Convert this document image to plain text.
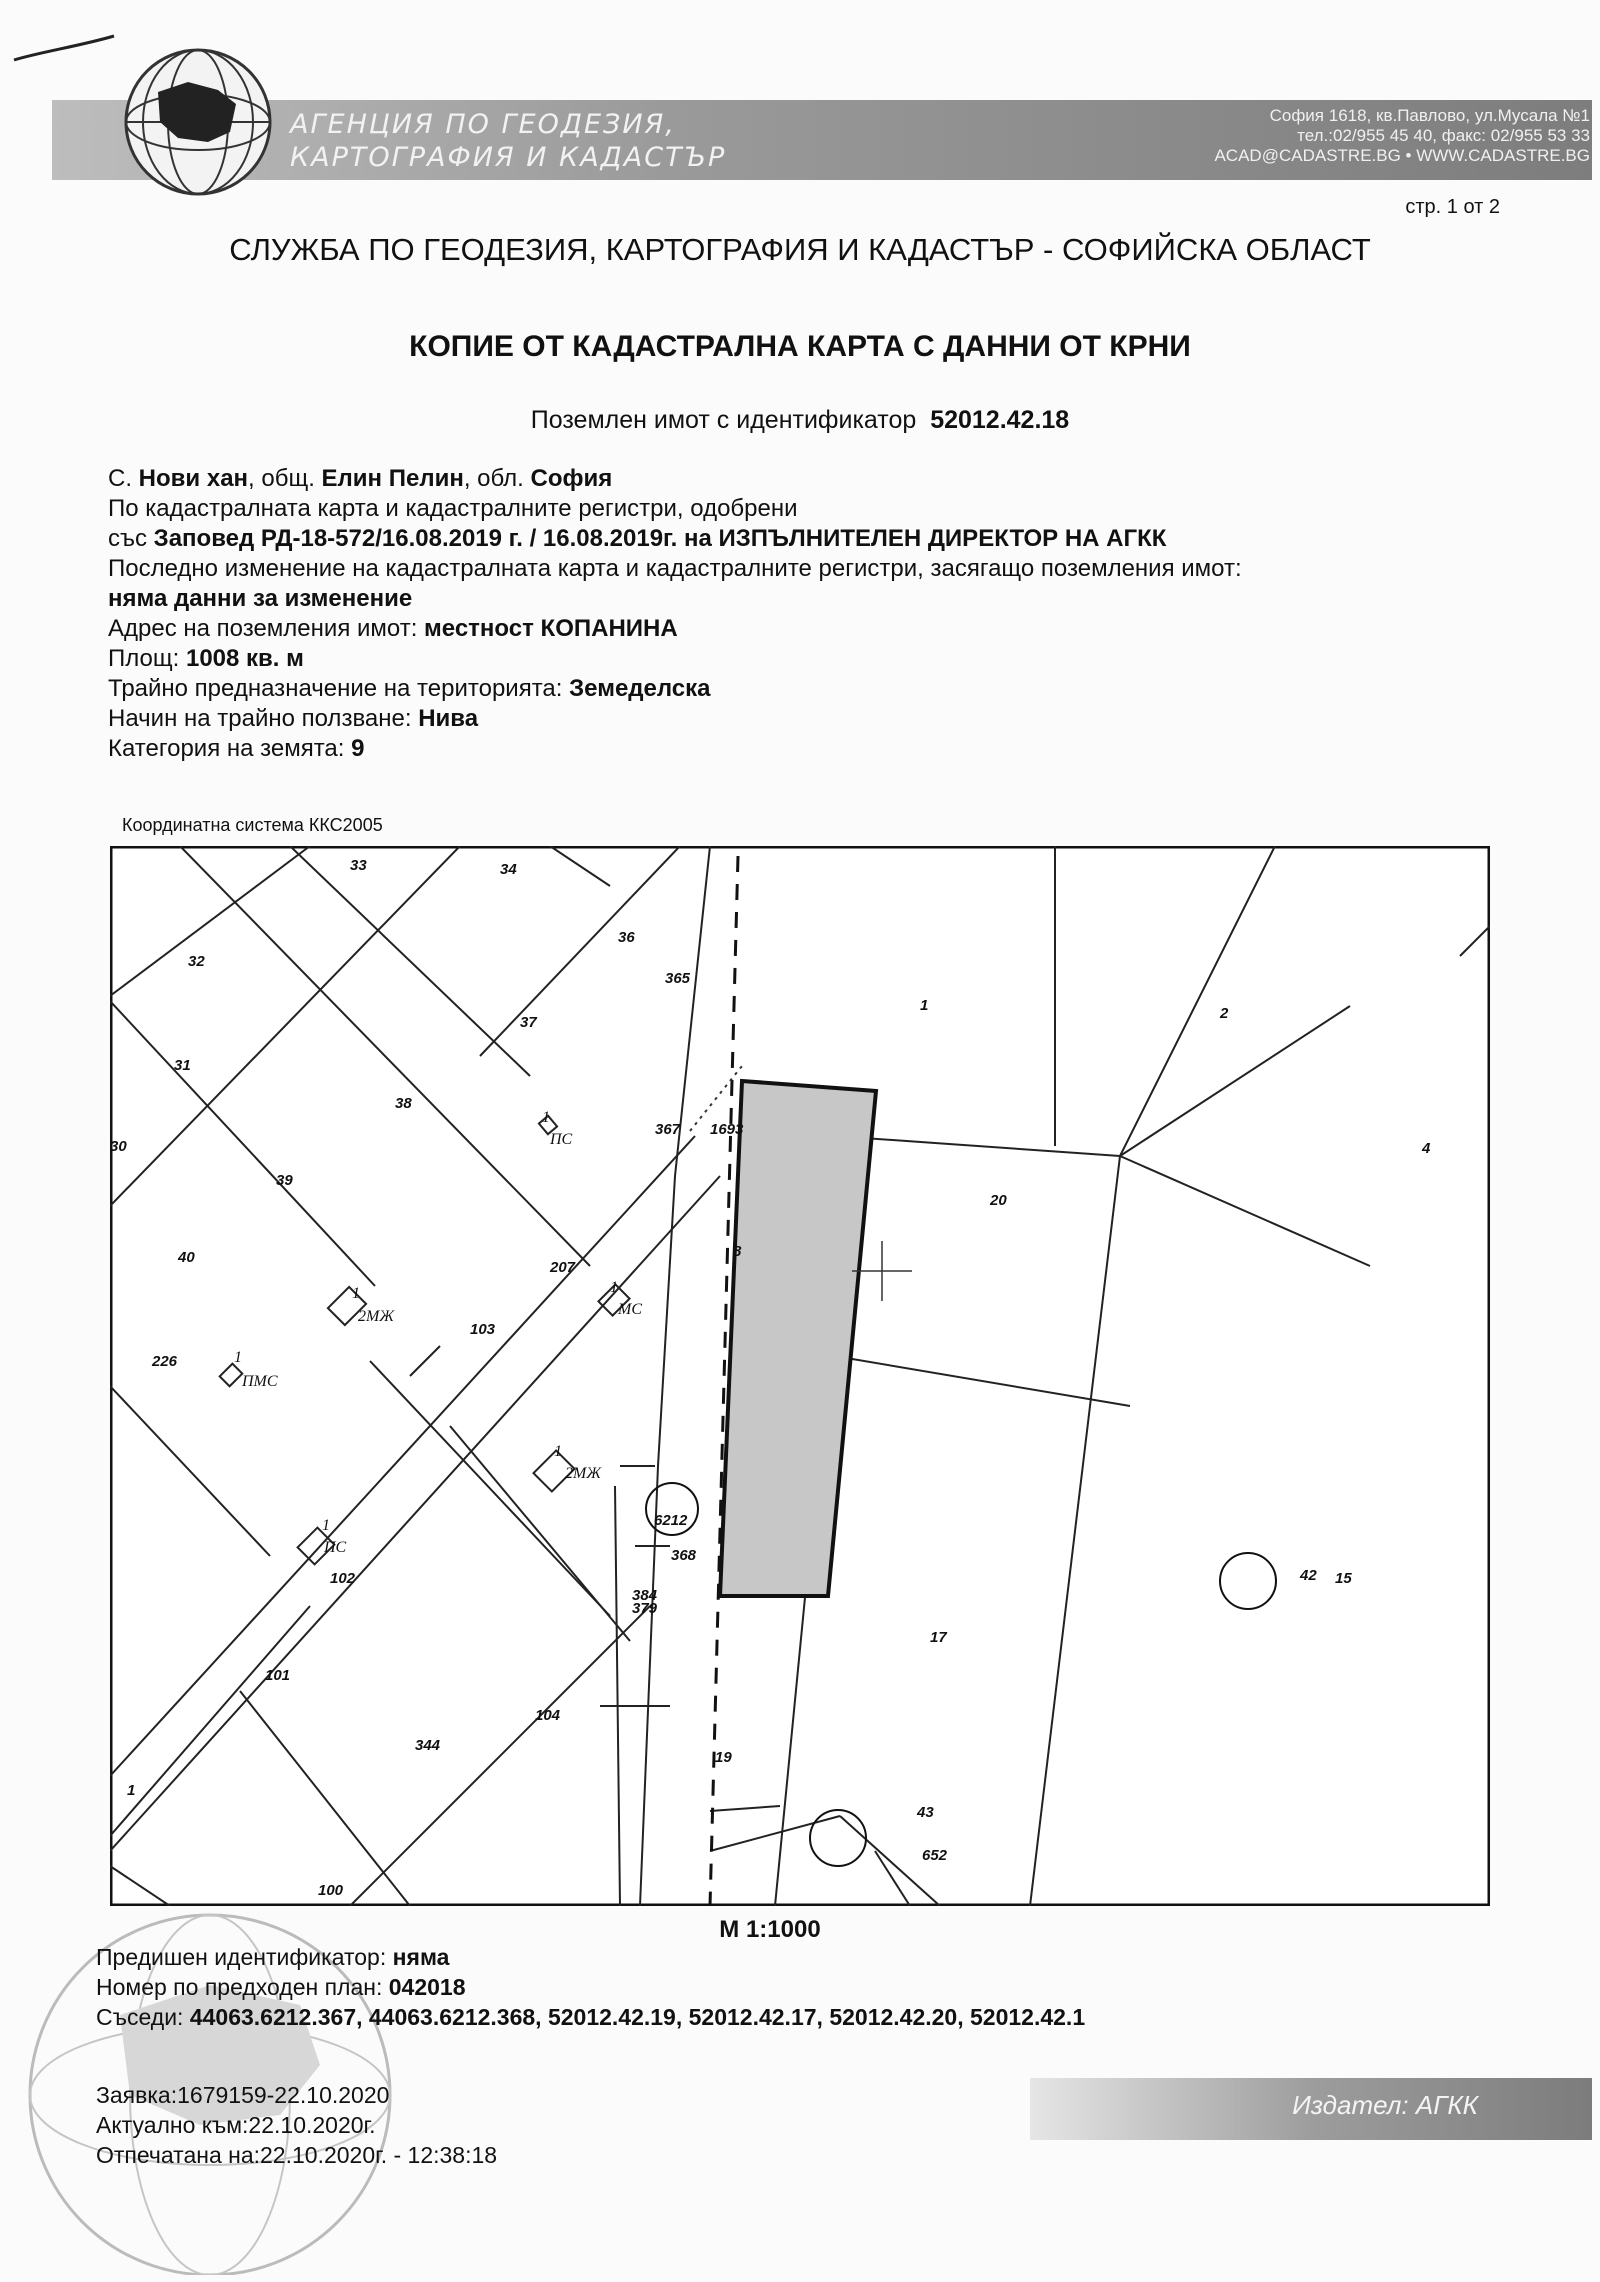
АГЕНЦИЯ ПО ГЕОДЕЗИЯ,
КАРТОГРАФИЯ И КАДАСТЪР
София 1618, кв.Павлово, ул.Мусала №1
тел.:02/955 45 40, факс: 02/955 53 33
ACAD@CADASTRE.BG • WWW.CADASTRE.BG
стр. 1 от 2
СЛУЖБА ПО ГЕОДЕЗИЯ, КАРТОГРАФИЯ И КАДАСТЪР - СОФИЙСКА ОБЛАСТ
КОПИЕ ОТ КАДАСТРАЛНА КАРТА С ДАННИ ОТ КРНИ
Поземлен имот с идентификатор 52012.42.18
С. Нови хан, общ. Елин Пелин, обл. София
По кадастралната карта и кадастралните регистри, одобрени
със Заповед РД-18-572/16.08.2019 г. / 16.08.2019г. на ИЗПЪЛНИТЕЛЕН ДИРЕКТОР НА АГКК
Последно изменение на кадастралната карта и кадастралните регистри, засягащо поземления имот:
няма данни за изменение
Адрес на поземления имот: местност КОПАНИНА
Площ: 1008 кв. м
Трайно предназначение на територията: Земеделска
Начин на трайно ползване: Нива
Категория на земята: 9
Координатна система ККС2005
33	34
36
32
365
1	2
37
31
38
367 1693
30
39
20
4
40
207
8
103
226
6212
368
42 15
102
384
379
17
101
104
344
19
43
652
1
100
1
ПС
1
2МЖ
1
МС
1
ПМС
1
2МЖ
1
ПС
М 1:1000
Предишен идентификатор: няма
Номер по предходен план: 042018
Съседи: 44063.6212.367, 44063.6212.368, 52012.42.19, 52012.42.17, 52012.42.20, 52012.42.1
Издател: АГКК
Заявка:1679159-22.10.2020
Актуално към:22.10.2020г.
Отпечатана на:22.10.2020г. - 12:38:18
